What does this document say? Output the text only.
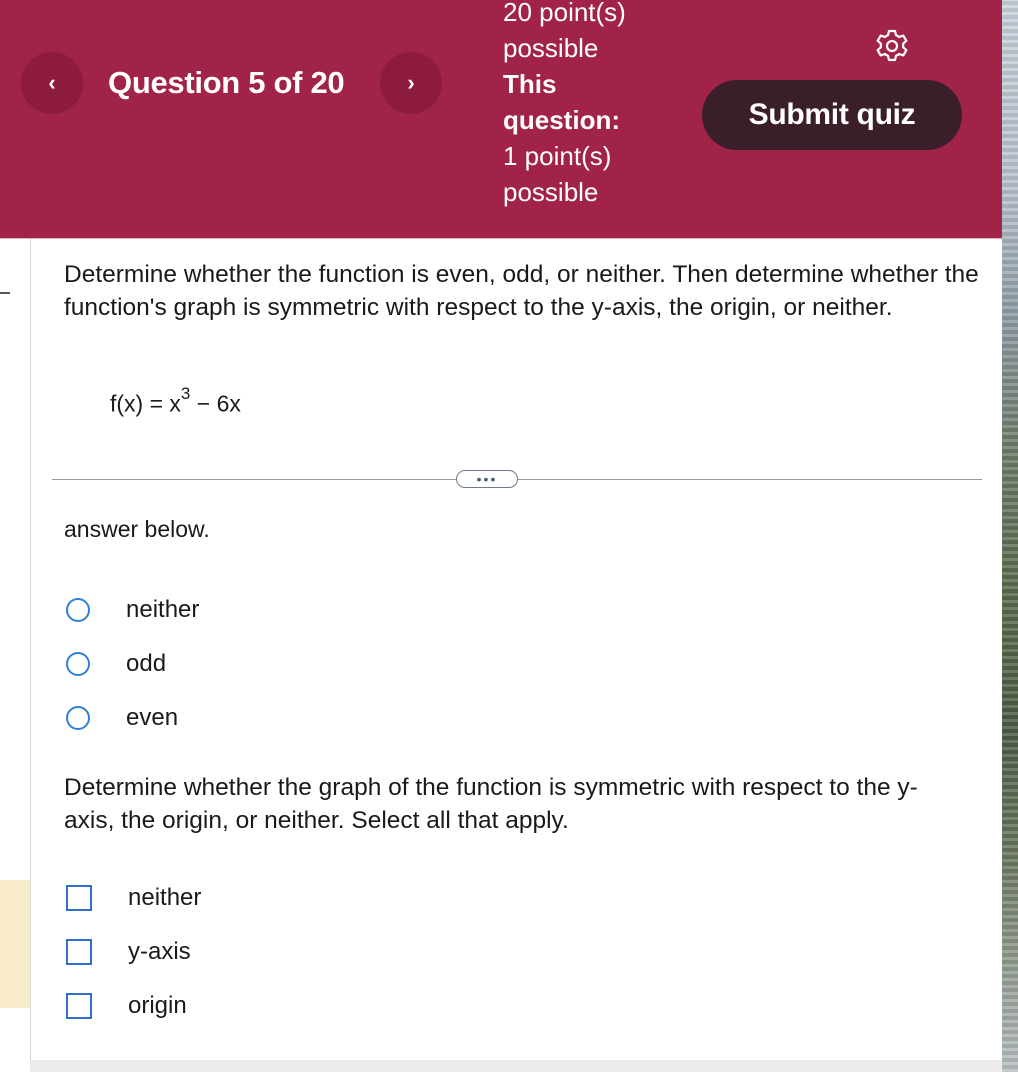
‹ Question 5 of 20	›
20 point(s)
possible
This
question:
1 point(s)
possible
Submit quiz
Determine whether the function is even, odd, or neither. Then determine whether the function's graph is symmetric with respect to the y-axis, the origin, or neither.
$f(x) = x^3 - 6x$
•••
answer below.
neither
odd
even
Determine whether the graph of the function is symmetric with respect to the y-axis, the origin, or neither. Select all that apply.
neither
y-axis
origin
